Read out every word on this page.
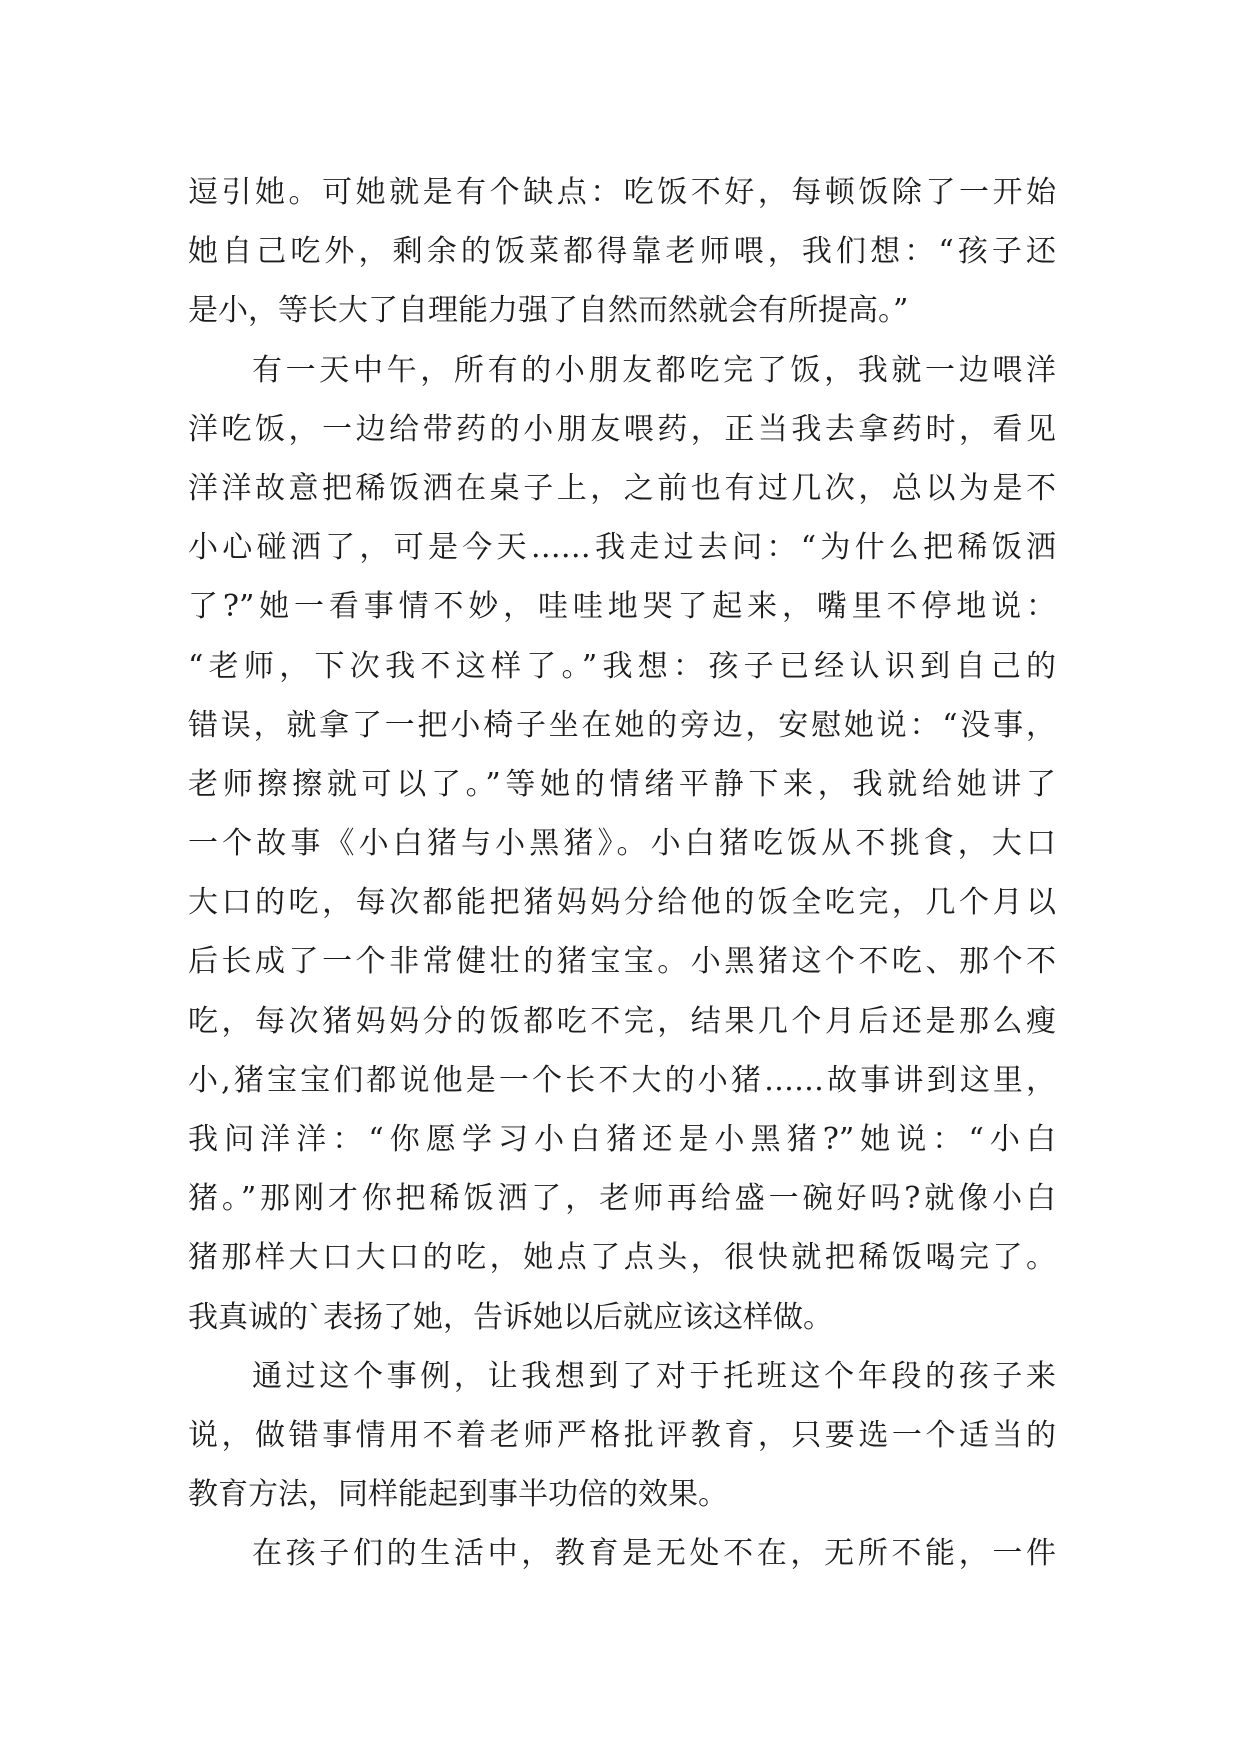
逗引她。可她就是有个缺点：吃饭不好，每顿饭除了一开始
她自己吃外，剩余的饭菜都得靠老师喂，我们想：“孩子还
是小，等长大了自理能力强了自然而然就会有所提高。”
有一天中午，所有的小朋友都吃完了饭，我就一边喂洋
洋吃饭，一边给带药的小朋友喂药，正当我去拿药时，看见
洋洋故意把稀饭洒在桌子上，之前也有过几次，总以为是不
小心碰洒了，可是今天……我走过去问：“为什么把稀饭洒
了?”她一看事情不妙，哇哇地哭了起来，嘴里不停地说：
“老师，下次我不这样了。”我想：孩子已经认识到自己的
错误，就拿了一把小椅子坐在她的旁边，安慰她说：“没事，
老师擦擦就可以了。”等她的情绪平静下来，我就给她讲了
一个故事《小白猪与小黑猪》。小白猪吃饭从不挑食，大口
大口的吃，每次都能把猪妈妈分给他的饭全吃完，几个月以
后长成了一个非常健壮的猪宝宝。小黑猪这个不吃、那个不
吃，每次猪妈妈分的饭都吃不完，结果几个月后还是那么瘦
小,猪宝宝们都说他是一个长不大的小猪……故事讲到这里，
我问洋洋：“你愿学习小白猪还是小黑猪?”她说：“小白
猪。”那刚才你把稀饭洒了，老师再给盛一碗好吗?就像小白
猪那样大口大口的吃，她点了点头，很快就把稀饭喝完了。
我真诚的`表扬了她，告诉她以后就应该这样做。
通过这个事例，让我想到了对于托班这个年段的孩子来
说，做错事情用不着老师严格批评教育，只要选一个适当的
教育方法，同样能起到事半功倍的效果。
在孩子们的生活中，教育是无处不在，无所不能，一件
